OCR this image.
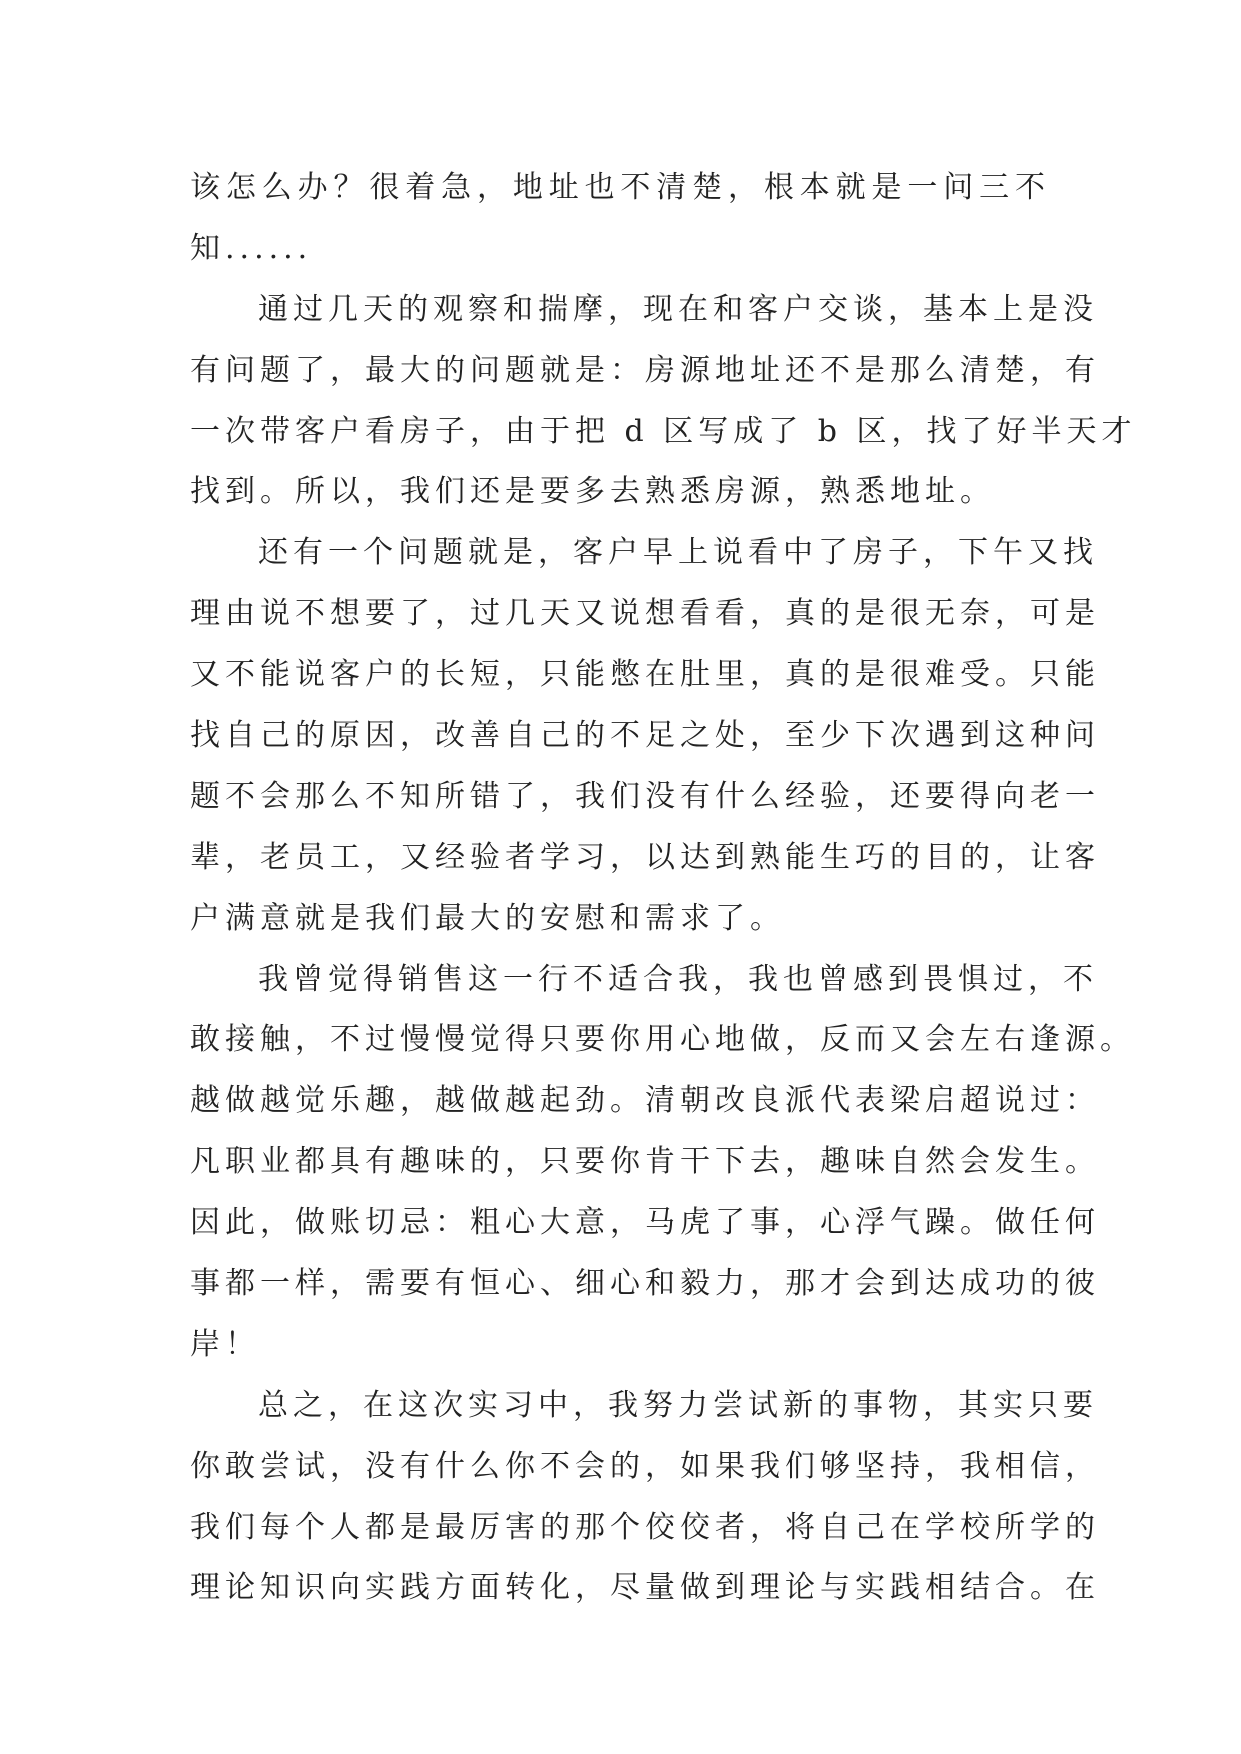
该怎么办？很着急，地址也不清楚，根本就是一问三不
知......
通过几天的观察和揣摩，现在和客户交谈，基本上是没
有问题了，最大的问题就是：房源地址还不是那么清楚，有
一次带客户看房子，由于把 d 区写成了 b 区，找了好半天才
找到。所以，我们还是要多去熟悉房源，熟悉地址。
还有一个问题就是，客户早上说看中了房子，下午又找
理由说不想要了，过几天又说想看看，真的是很无奈，可是
又不能说客户的长短，只能憋在肚里，真的是很难受。只能
找自己的原因，改善自己的不足之处，至少下次遇到这种问
题不会那么不知所错了，我们没有什么经验，还要得向老一
辈，老员工，又经验者学习，以达到熟能生巧的目的，让客
户满意就是我们最大的安慰和需求了。
我曾觉得销售这一行不适合我，我也曾感到畏惧过，不
敢接触，不过慢慢觉得只要你用心地做，反而又会左右逢源。
越做越觉乐趣，越做越起劲。清朝改良派代表梁启超说过：
凡职业都具有趣味的，只要你肯干下去，趣味自然会发生。
因此，做账切忌：粗心大意，马虎了事，心浮气躁。做任何
事都一样，需要有恒心、细心和毅力，那才会到达成功的彼
岸！
总之，在这次实习中，我努力尝试新的事物，其实只要
你敢尝试，没有什么你不会的，如果我们够坚持，我相信，
我们每个人都是最厉害的那个佼佼者，将自己在学校所学的
理论知识向实践方面转化，尽量做到理论与实践相结合。在
